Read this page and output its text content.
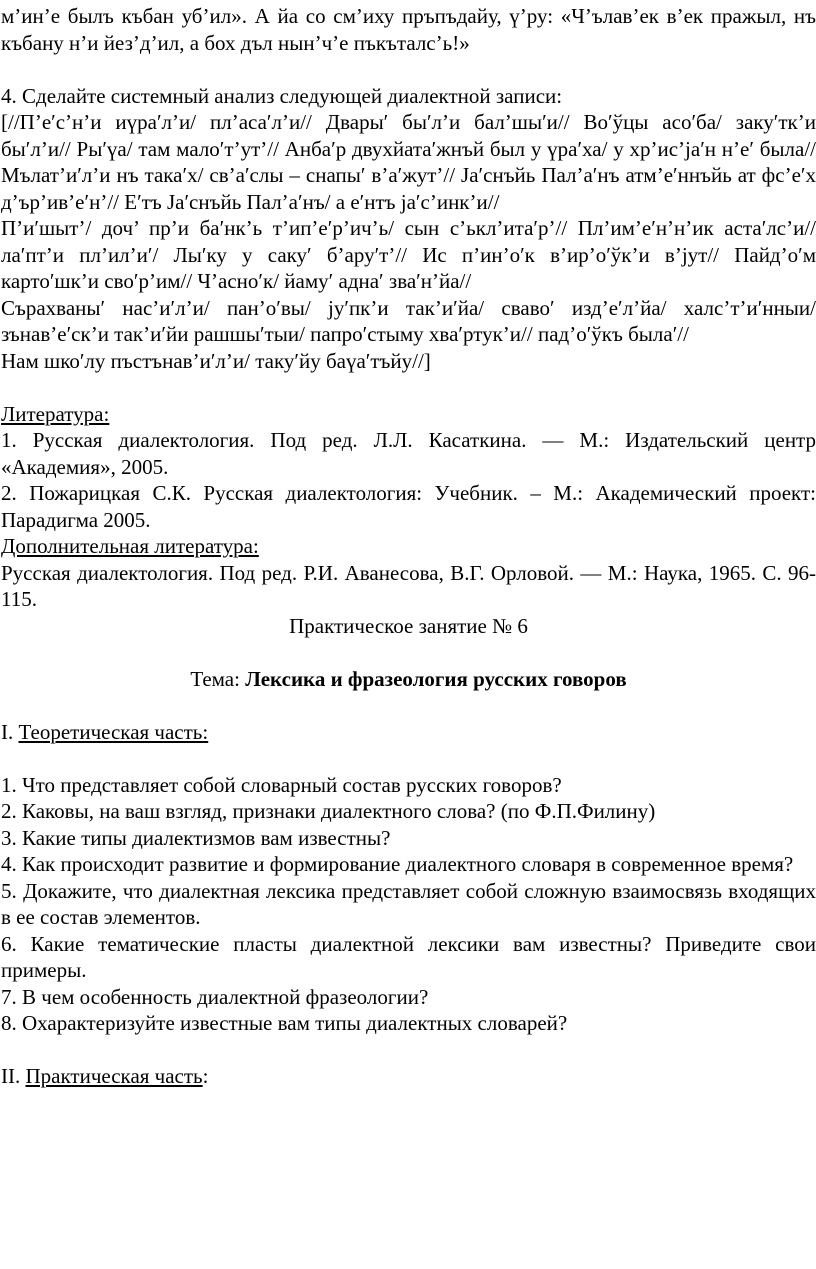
м’ин’е былъ къбан уб’ил». А йа со см’иху пръпъдайу, ү’ру: «Ч’ълав’ек в’ек пражыл, нъ къбану н’и йез’д’ил, а бох дъл нын’ч’е пъкъталс’ь!»

4. Сделайте системный анализ следующей диалектной записи:

[//П’е′с’н’и иүра′л’и/ пл’аса′л’и// Двары′ бы′л’и бал’шы′и// Во′ўцы асо′ба/ заку′тк’и бы′л’и// Ры′үа/ там мало′т’ут’// Анба′р двухйата′жнъй был у үра′ха/ у хр’ис’ја′н н’е′ была// Мълат’и′л’и нъ така′х/ св’а′слы – снапы′ в’а′жут’// Ја′снъйь Пал’а′нъ атм’е′ннъйь ат фс’е′х д’ър’ив’е′н’// Е′тъ Ја′снъйь Пал’а′нъ/ а е′нтъ ја′с’инк’и//

П’и′шыт’/ доч’ пр’и ба′нк’ь т’ип’е′р’ич’ь/ сын с’ькл’ита′р’// Пл’им’е′н’н’ик аста′лс’и// ла′пт’и пл’ил’и′/ Лы′ку у саку′ б’ару′т’// Ис п’ин’о′к в’ир’о′ўк’и в’јут// Пайд’о′м карто′шк’и сво′р’им// Ч’асно′к/ йаму′ адна′ зва′н’йа//

Сърахваны′ нас’и′л’и/ пан’о′вы/ ју′пк’и так’и′йа/ сваво′ изд’е′л’йа/ халс’т’и′нныи/ зънав’е′ск’и так’и′йи рашшы′тыи/ папро′стыму хва′ртук’и// пад’о′ўкъ была′//

Нам шко′лу пъстънав’и′л’и/ таку′йу баүа′тъйу//]

Литература:

1. Русская диалектология. Под ред. Л.Л. Касаткина. — М.: Издательский центр «Академия», 2005.

2. Пожарицкая С.К. Русская диалектология: Учебник. – М.: Академический проект: Парадигма 2005.

Дополнительная литература:

Русская диалектология. Под ред. Р.И. Аванесова, В.Г. Орловой. — М.: Наука, 1965. С. 96-115.

Практическое занятие № 6

Тема: Лексика и фразеология русских говоров

I. Теоретическая часть:

1. Что представляет собой словарный состав русских говоров?

2. Каковы, на ваш взгляд, признаки диалектного слова? (по Ф.П.Филину)

3. Какие типы диалектизмов вам известны?

4. Как происходит развитие и формирование диалектного словаря в современное время?

5. Докажите, что диалектная лексика представляет собой сложную взаимосвязь входящих в ее состав элементов.

6. Какие тематические пласты диалектной лексики вам известны? Приведите свои примеры.

7. В чем особенность диалектной фразеологии?

8. Охарактеризуйте известные вам типы диалектных словарей?

II. Практическая часть:
